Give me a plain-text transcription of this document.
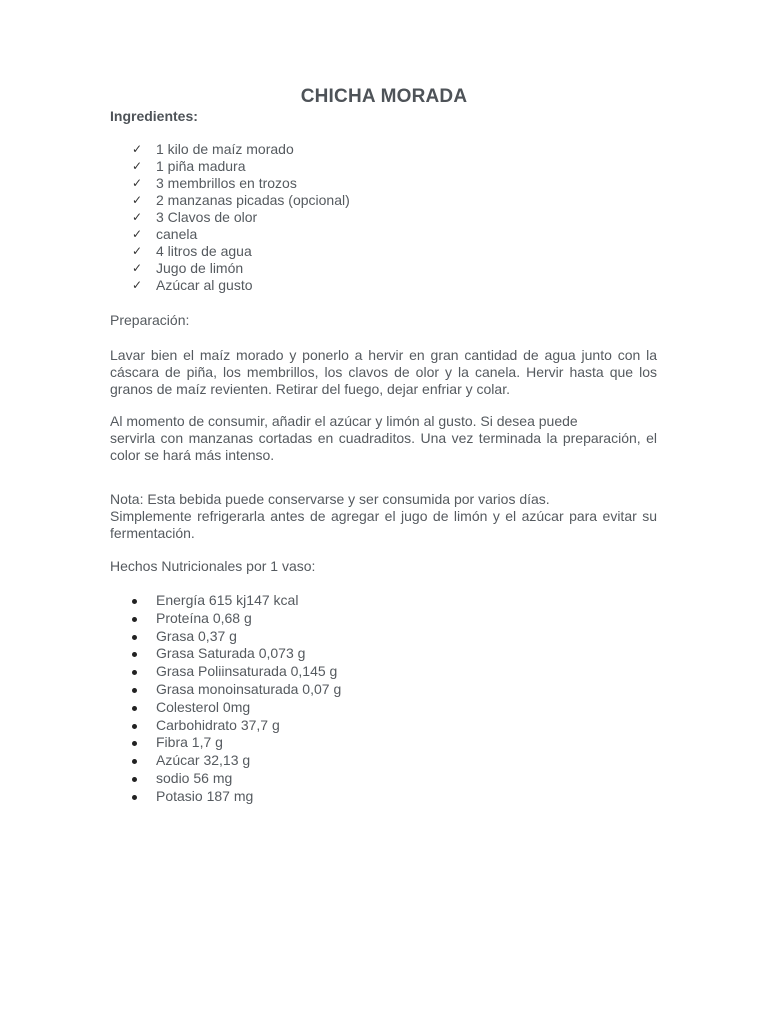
CHICHA MORADA
Ingredientes:
✓ 1 kilo de maíz morado
✓ 1 piña madura
✓ 3 membrillos en trozos
✓ 2 manzanas picadas (opcional)
✓ 3 Clavos de olor
✓ canela
✓ 4 litros de agua
✓ Jugo de limón
✓ Azúcar al gusto
Preparación:

Lavar bien el maíz morado y ponerlo a hervir en gran cantidad de agua junto con la cáscara de piña, los membrillos, los clavos de olor y la canela. Hervir hasta que los granos de maíz revienten. Retirar del fuego, dejar enfriar y colar.

Al momento de consumir, añadir el azúcar y limón al gusto. Si desea puede

servirla con manzanas cortadas en cuadraditos. Una vez terminada la preparación, el color se hará más intenso.

Nota: Esta bebida puede conservarse y ser consumida por varios días.

Simplemente refrigerarla antes de agregar el jugo de limón y el azúcar para evitar su fermentación.

Hechos Nutricionales por 1 vaso:
Energía 615 kj147 kcal
Proteína 0,68 g
Grasa 0,37 g
Grasa Saturada 0,073 g
Grasa Poliinsaturada 0,145 g
Grasa monoinsaturada 0,07 g
Colesterol 0mg
Carbohidrato 37,7 g
Fibra 1,7 g
Azúcar 32,13 g
sodio 56 mg
Potasio 187 mg
